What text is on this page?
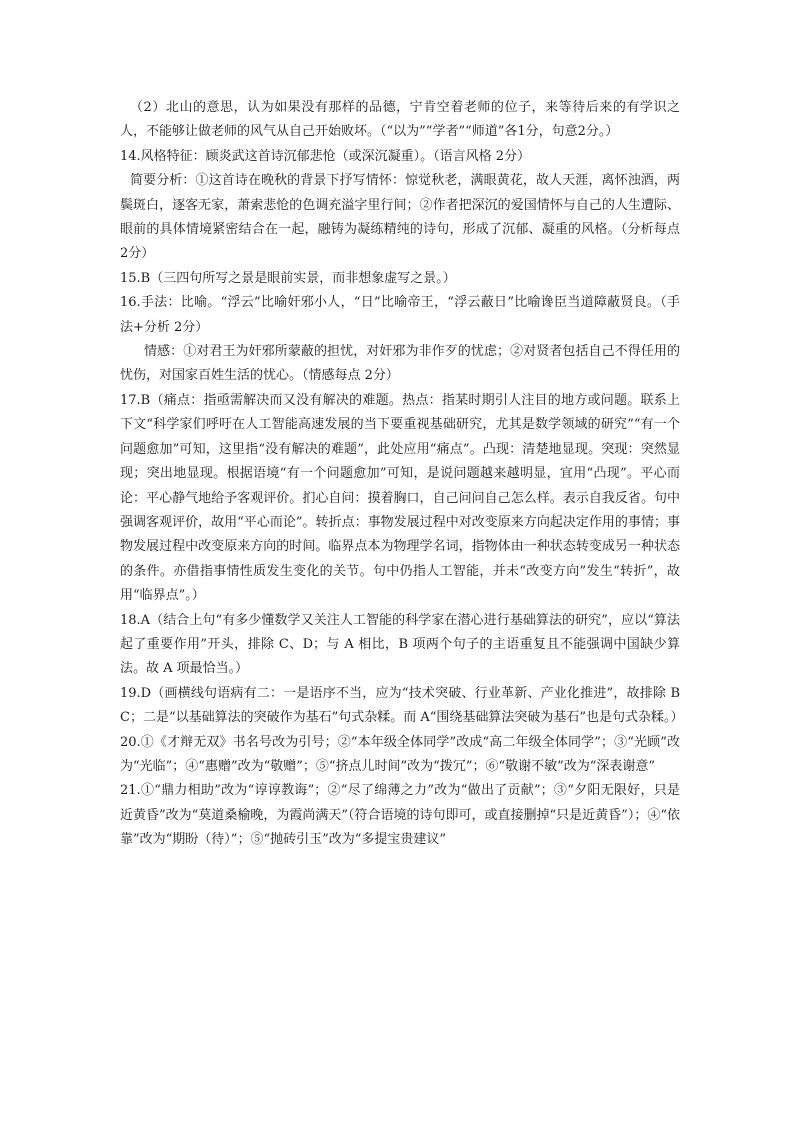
（2）北山的意思，认为如果没有那样的品德，宁肯空着老师的位子，来等待后来的有学识之人，不能够让做老师的风气从自己开始败坏。（“以为”“学者”“师道”各1分，句意2分。）

14.风格特征：顾炎武这首诗沉郁悲怆（或深沉凝重）。（语言风格 2分）

简要分析：①这首诗在晚秋的背景下抒写情怀：惊觉秋老，满眼黄花，故人天涯，离怀浊酒，两鬓斑白，逐客无家，萧索悲怆的色调充溢字里行间；②作者把深沉的爱国情怀与自己的人生遭际、眼前的具体情境紧密结合在一起，融铸为凝练精纯的诗句，形成了沉郁、凝重的风格。（分析每点 2分）

15.B（三四句所写之景是眼前实景，而非想象虚写之景。）

16.手法：比喻。“浮云”比喻奸邪小人，“日”比喻帝王，“浮云蔽日”比喻谗臣当道障蔽贤良。（手法+分析 2分）

情感：①对君王为奸邪所蒙蔽的担忧，对奸邪为非作歹的忧虑；②对贤者包括自己不得任用的忧伤，对国家百姓生活的忧心。（情感每点 2分）

17.B（痛点：指亟需解决而又没有解决的难题。热点：指某时期引人注目的地方或问题。联系上下文“科学家们呼吁在人工智能高速发展的当下要重视基础研究，尤其是数学领域的研究”“有一个问题愈加”可知，这里指“没有解决的难题”，此处应用“痛点”。凸现：清楚地显现。突现：突然显现；突出地显现。根据语境“有一个问题愈加”可知，是说问题越来越明显，宜用“凸现”。平心而论：平心静气地给予客观评价。扪心自问：摸着胸口，自己问问自己怎么样。表示自我反省。句中强调客观评价，故用“平心而论”。转折点：事物发展过程中对改变原来方向起决定作用的事情；事物发展过程中改变原来方向的时间。临界点本为物理学名词，指物体由一种状态转变成另一种状态的条件。亦借指事情性质发生变化的关节。句中仍指人工智能，并未“改变方向”发生“转折”，故用“临界点”。）

18.A（结合上句“有多少懂数学又关注人工智能的科学家在潜心进行基础算法的研究”，应以“算法起了重要作用”开头，排除 C、D；与 A 相比，B 项两个句子的主语重复且不能强调中国缺少算法。故 A 项最恰当。）

19.D（画横线句语病有二：一是语序不当，应为“技术突破、行业革新、产业化推进”，故排除 BC；二是“以基础算法的突破作为基石”句式杂糅。而 A“围绕基础算法突破为基石”也是句式杂糅。）

20.①《才辩无双》书名号改为引号；②“本年级全体同学”改成“高二年级全体同学”；③“光顾”改为“光临”；④“惠赠”改为“敬赠”；⑤“挤点儿时间”改为“拨冗”；⑥“敬谢不敏”改为“深表谢意”

21.①“鼎力相助”改为“谆谆教诲”；②“尽了绵薄之力”改为“做出了贡献”；③“夕阳无限好，只是近黄昏”改为“莫道桑榆晚，为霞尚满天”（符合语境的诗句即可，或直接删掉“只是近黄昏”）；④“依靠”改为“期盼（待）”；⑤“抛砖引玉”改为“多提宝贵建议”
